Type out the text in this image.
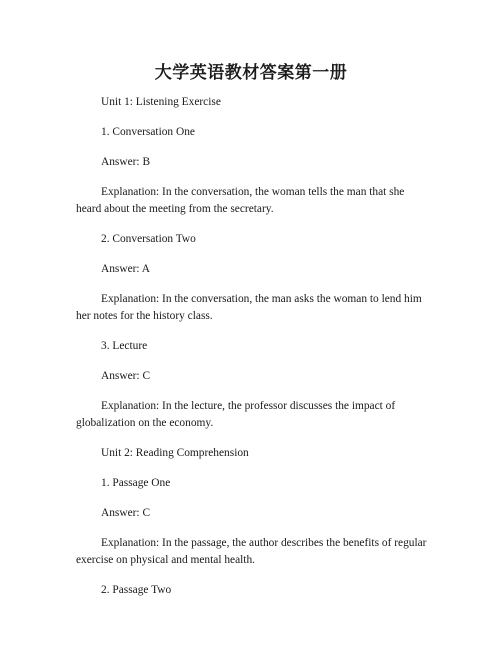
大学英语教材答案第一册

Unit 1: Listening Exercise

1. Conversation One

Answer: B

Explanation: In the conversation, the woman tells the man that she heard about the meeting from the secretary.

2. Conversation Two

Answer: A

Explanation: In the conversation, the man asks the woman to lend him her notes for the history class.

3. Lecture

Answer: C

Explanation: In the lecture, the professor discusses the impact of globalization on the economy.

Unit 2: Reading Comprehension

1. Passage One

Answer: C

Explanation: In the passage, the author describes the benefits of regular exercise on physical and mental health.

2. Passage Two
